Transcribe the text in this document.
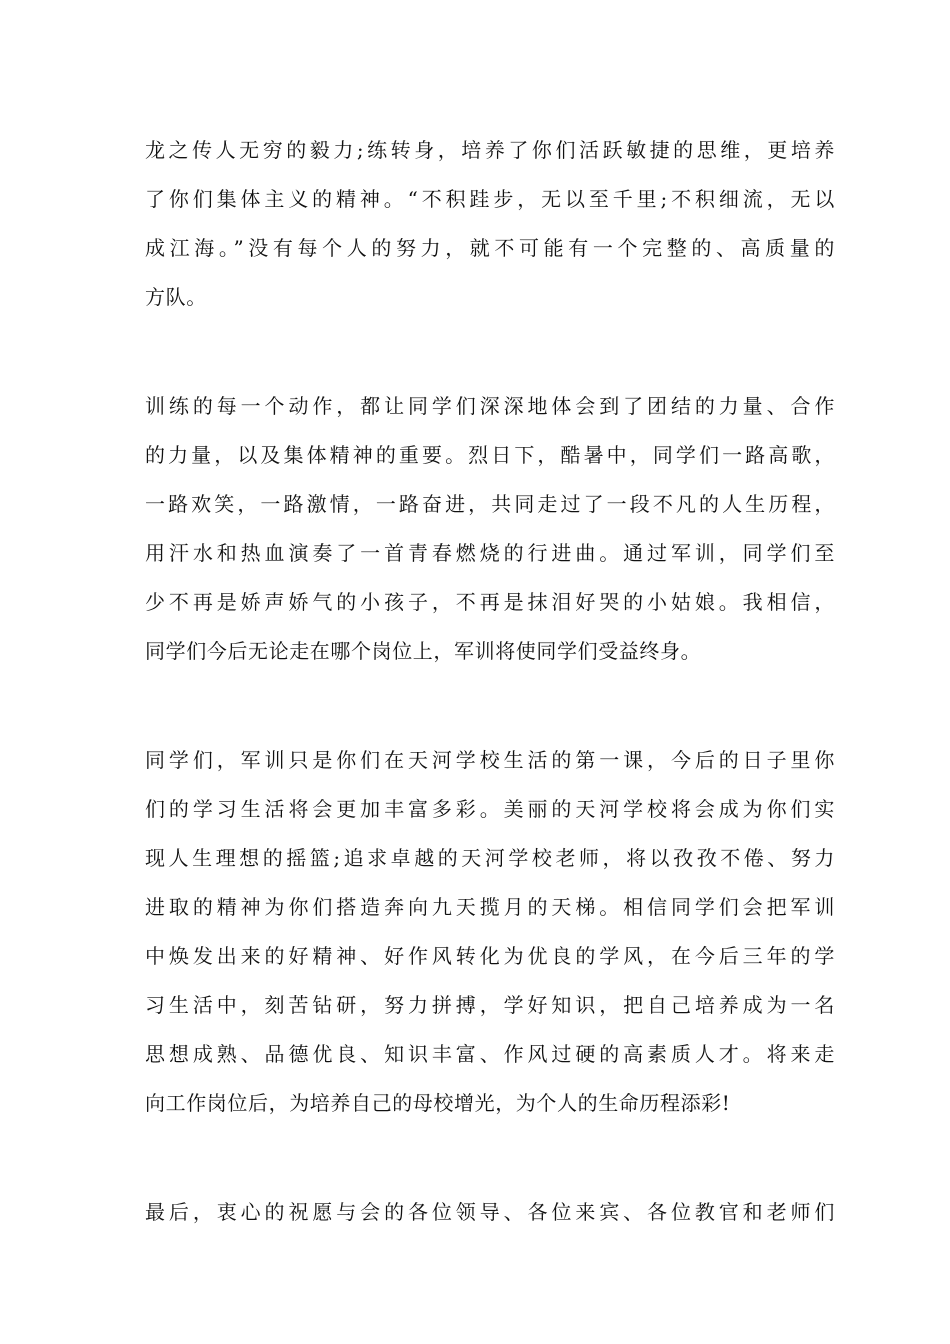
龙之传人无穷的毅力;练转身，培养了你们活跃敏捷的思维，更培养
了你们集体主义的精神。“不积跬步，无以至千里;不积细流，无以
成江海。”没有每个人的努力，就不可能有一个完整的、高质量的
方队。
训练的每一个动作，都让同学们深深地体会到了团结的力量、合作
的力量，以及集体精神的重要。烈日下，酷暑中，同学们一路高歌，
一路欢笑，一路激情，一路奋进，共同走过了一段不凡的人生历程，
用汗水和热血演奏了一首青春燃烧的行进曲。通过军训，同学们至
少不再是娇声娇气的小孩子，不再是抹泪好哭的小姑娘。我相信，
同学们今后无论走在哪个岗位上，军训将使同学们受益终身。
同学们，军训只是你们在天河学校生活的第一课，今后的日子里你
们的学习生活将会更加丰富多彩。美丽的天河学校将会成为你们实
现人生理想的摇篮;追求卓越的天河学校老师，将以孜孜不倦、努力
进取的精神为你们搭造奔向九天揽月的天梯。相信同学们会把军训
中焕发出来的好精神、好作风转化为优良的学风，在今后三年的学
习生活中，刻苦钻研，努力拼搏，学好知识，把自己培养成为一名
思想成熟、品德优良、知识丰富、作风过硬的高素质人才。将来走
向工作岗位后，为培养自己的母校增光，为个人的生命历程添彩!
最后，衷心的祝愿与会的各位领导、各位来宾、各位教官和老师们
